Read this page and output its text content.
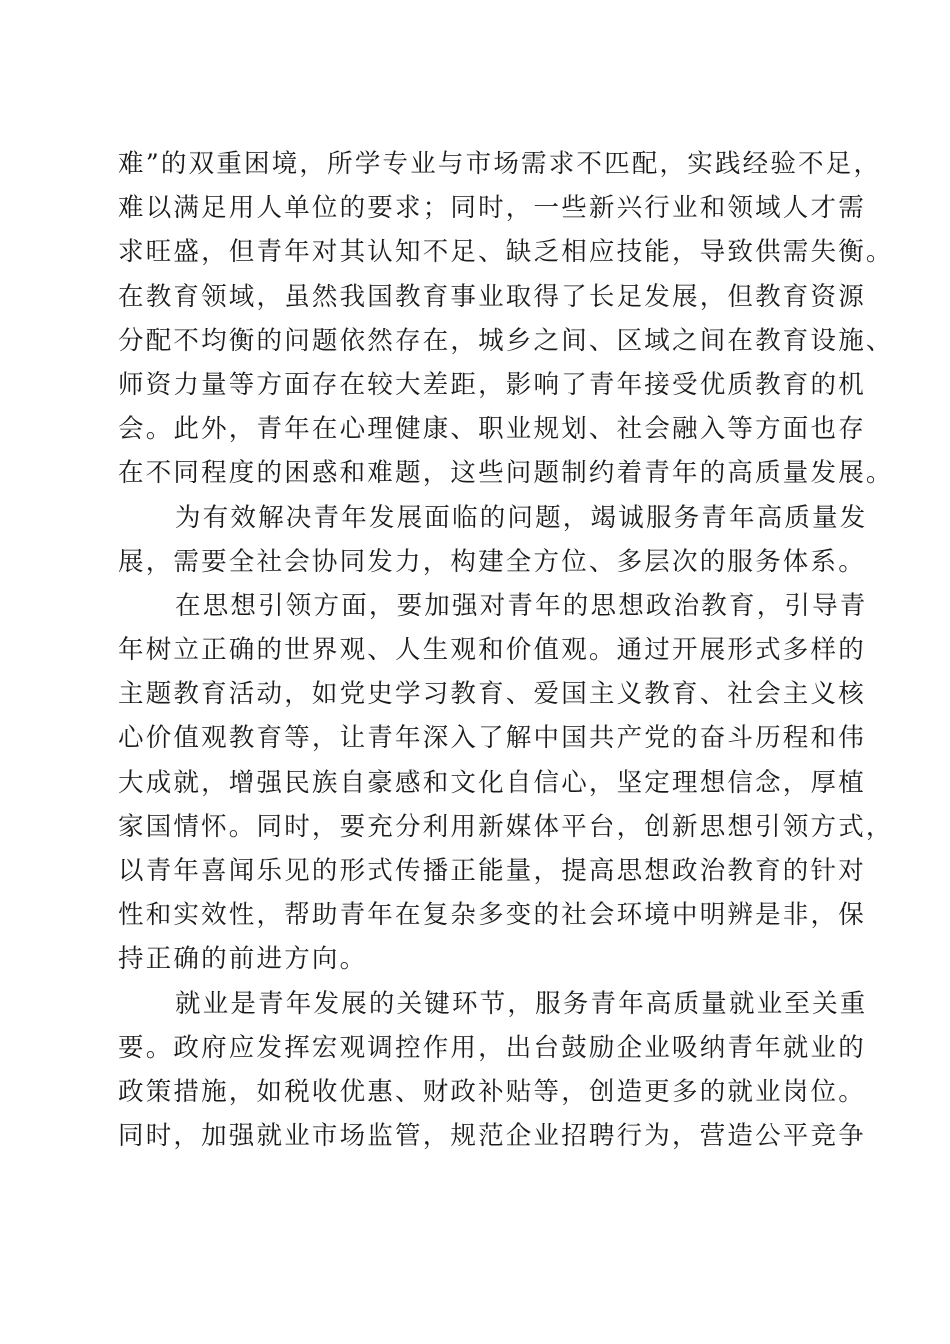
难”的双重困境，所学专业与市场需求不匹配，实践经验不足，
难以满足用人单位的要求；同时，一些新兴行业和领域人才需
求旺盛，但青年对其认知不足、缺乏相应技能，导致供需失衡。
在教育领域，虽然我国教育事业取得了长足发展，但教育资源
分配不均衡的问题依然存在，城乡之间、区域之间在教育设施、
师资力量等方面存在较大差距，影响了青年接受优质教育的机
会。此外，青年在心理健康、职业规划、社会融入等方面也存
在不同程度的困惑和难题，这些问题制约着青年的高质量发展。
为有效解决青年发展面临的问题，竭诚服务青年高质量发
展，需要全社会协同发力，构建全方位、多层次的服务体系。
在思想引领方面，要加强对青年的思想政治教育，引导青
年树立正确的世界观、人生观和价值观。通过开展形式多样的
主题教育活动，如党史学习教育、爱国主义教育、社会主义核
心价值观教育等，让青年深入了解中国共产党的奋斗历程和伟
大成就，增强民族自豪感和文化自信心，坚定理想信念，厚植
家国情怀。同时，要充分利用新媒体平台，创新思想引领方式，
以青年喜闻乐见的形式传播正能量，提高思想政治教育的针对
性和实效性，帮助青年在复杂多变的社会环境中明辨是非，保
持正确的前进方向。
就业是青年发展的关键环节，服务青年高质量就业至关重
要。政府应发挥宏观调控作用，出台鼓励企业吸纳青年就业的
政策措施，如税收优惠、财政补贴等，创造更多的就业岗位。
同时，加强就业市场监管，规范企业招聘行为，营造公平竞争
